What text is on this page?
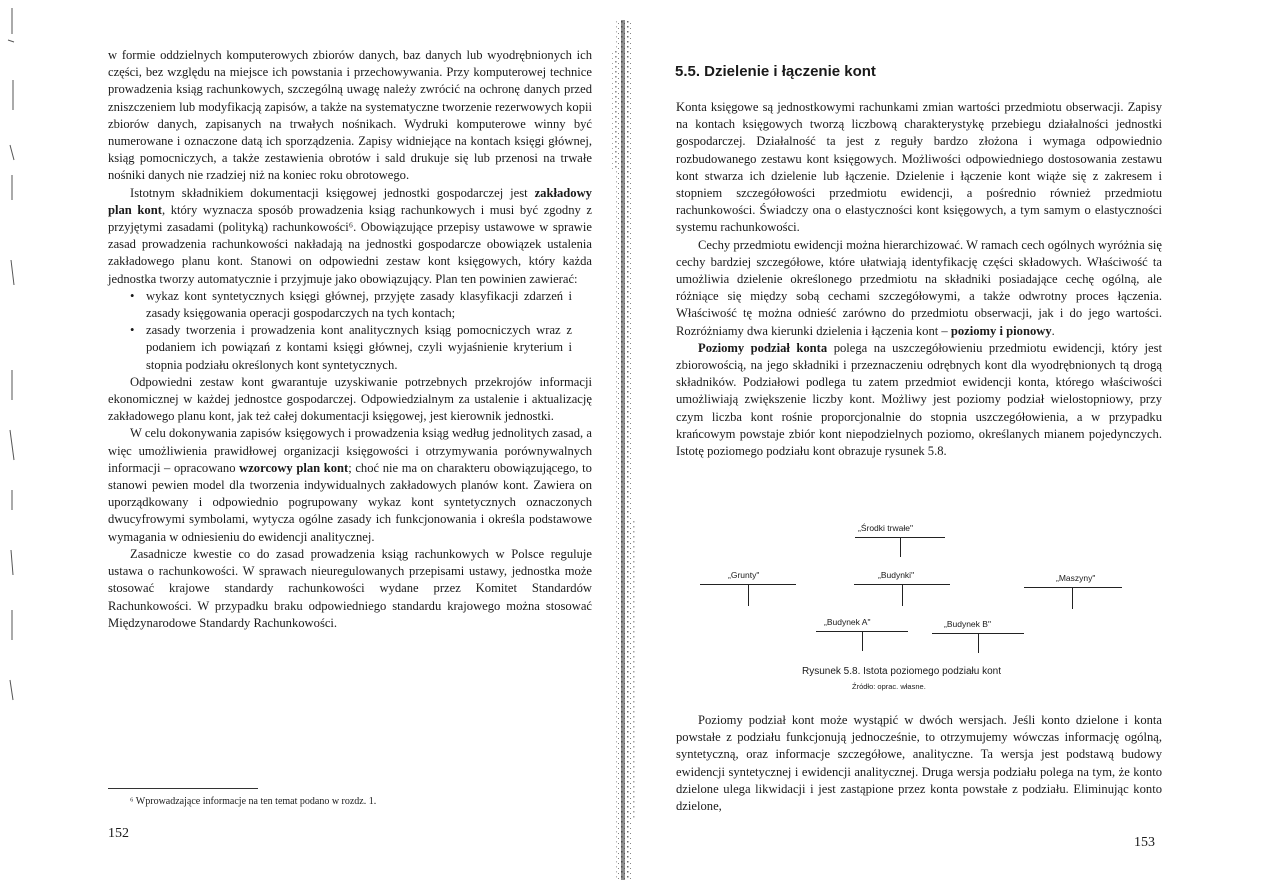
w formie oddzielnych komputerowych zbiorów danych, baz danych lub wyodrębnionych ich części, bez względu na miejsce ich powstania i przechowywania. Przy komputerowej technice prowadzenia ksiąg rachunkowych, szczególną uwagę należy zwrócić na ochronę danych przed zniszczeniem lub modyfikacją zapisów, a także na systematyczne tworzenie rezerwowych kopii zbiorów danych, zapisanych na trwałych nośnikach. Wydruki komputerowe winny być numerowane i oznaczone datą ich sporządzenia. Zapisy widniejące na kontach księgi głównej, ksiąg pomocniczych, a także zestawienia obrotów i sald drukuje się lub przenosi na trwałe nośniki danych nie rzadziej niż na koniec roku obrotowego.

Istotnym składnikiem dokumentacji księgowej jednostki gospodarczej jest zakładowy plan kont, który wyznacza sposób prowadzenia ksiąg rachunkowych i musi być zgodny z przyjętymi zasadami (polityką) rachunkowości⁶. Obowiązujące przepisy ustawowe w sprawie zasad prowadzenia rachunkowości nakładają na jednostki gospodarcze obowiązek ustalenia zakładowego planu kont. Stanowi on odpowiedni zestaw kont księgowych, który każda jednostka tworzy automatycznie i przyjmuje jako obowiązujący. Plan ten powinien zawierać:

• wykaz kont syntetycznych księgi głównej, przyjęte zasady klasyfikacji zdarzeń i zasady księgowania operacji gospodarczych na tych kontach;
• zasady tworzenia i prowadzenia kont analitycznych ksiąg pomocniczych wraz z podaniem ich powiązań z kontami księgi głównej, czyli wyjaśnienie kryterium i stopnia podziału określonych kont syntetycznych.

Odpowiedni zestaw kont gwarantuje uzyskiwanie potrzebnych przekrojów informacji ekonomicznej w każdej jednostce gospodarczej. Odpowiedzialnym za ustalenie i aktualizację zakładowego planu kont, jak też całej dokumentacji księgowej, jest kierownik jednostki.

W celu dokonywania zapisów księgowych i prowadzenia ksiąg według jednolitych zasad, a więc umożliwienia prawidłowej organizacji księgowości i otrzymywania porównywalnych informacji – opracowano wzorcowy plan kont; choć nie ma on charakteru obowiązującego, to stanowi pewien model dla tworzenia indywidualnych zakładowych planów kont. Zawiera on uporządkowany i odpowiednio pogrupowany wykaz kont syntetycznych oznaczonych dwucyfrowymi symbolami, wytycza ogólne zasady ich funkcjonowania i określa podstawowe wymagania w odniesieniu do ewidencji analitycznej.

Zasadnicze kwestie co do zasad prowadzenia ksiąg rachunkowych w Polsce reguluje ustawa o rachunkowości. W sprawach nieuregulowanych przepisami ustawy, jednostka może stosować krajowe standardy rachunkowości wydane przez Komitet Standardów Rachunkowości. W przypadku braku odpowiedniego standardu krajowego można stosować Międzynarodowe Standardy Rachunkowości.

⁶ Wprowadzające informacje na ten temat podano w rozdz. 1.
152
5.5. Dzielenie i łączenie kont

Konta księgowe są jednostkowymi rachunkami zmian wartości przedmiotu obserwacji. Zapisy na kontach księgowych tworzą liczbową charakterystykę przebiegu działalności jednostki gospodarczej. Działalność ta jest z reguły bardzo złożona i wymaga odpowiednio rozbudowanego zestawu kont księgowych. Możliwości odpowiedniego dostosowania zestawu kont stwarza ich dzielenie lub łączenie. Dzielenie i łączenie kont wiąże się z zakresem i stopniem szczegółowości przedmiotu ewidencji, a pośrednio również przedmiotu rachunkowości. Świadczy ona o elastyczności kont księgowych, a tym samym o elastyczności systemu rachunkowości.

Cechy przedmiotu ewidencji można hierarchizować. W ramach cech ogólnych wyróżnia się cechy bardziej szczegółowe, które ułatwiają identyfikację części składowych. Właściwość ta umożliwia dzielenie określonego przedmiotu na składniki posiadające cechę ogólną, ale różniące się między sobą cechami szczegółowymi, a także odwrotny proces łączenia. Właściwość tę można odnieść zarówno do przedmiotu obserwacji, jak i do jego wartości. Rozróżniamy dwa kierunki dzielenia i łączenia kont – poziomy i pionowy.

Poziomy podział konta polega na uszczegółowieniu przedmiotu ewidencji, który jest zbiorowością, na jego składniki i przeznaczeniu odrębnych kont dla wyodrębnionych tą drogą składników. Podziałowi podlega tu zatem przedmiot ewidencji konta, którego właściwości umożliwiają zwiększenie liczby kont. Możliwy jest poziomy podział wielostopniowy, przy czym liczba kont rośnie proporcjonalnie do stopnia uszczegółowienia, a w przypadku krańcowym powstaje zbiór kont niepodzielnych poziomo, określanych mianem pojedynczych. Istotę poziomego podziału kont obrazuje rysunek 5.8.

„Środki trwałe"
„Grunty"	„Budynki"	„Maszyny"
„Budynek A"	„Budynek B"
Rysunek 5.8. Istota poziomego podziału kont
Źródło: oprac. własne.

Poziomy podział kont może wystąpić w dwóch wersjach. Jeśli konto dzielone i konta powstałe z podziału funkcjonują jednocześnie, to otrzymujemy wówczas informację ogólną, syntetyczną, oraz informacje szczegółowe, analityczne. Ta wersja jest podstawą budowy ewidencji syntetycznej i ewidencji analitycznej. Druga wersja podziału polega na tym, że konto dzielone ulega likwidacji i jest zastąpione przez konta powstałe z podziału. Eliminując konto dzielone,

153
